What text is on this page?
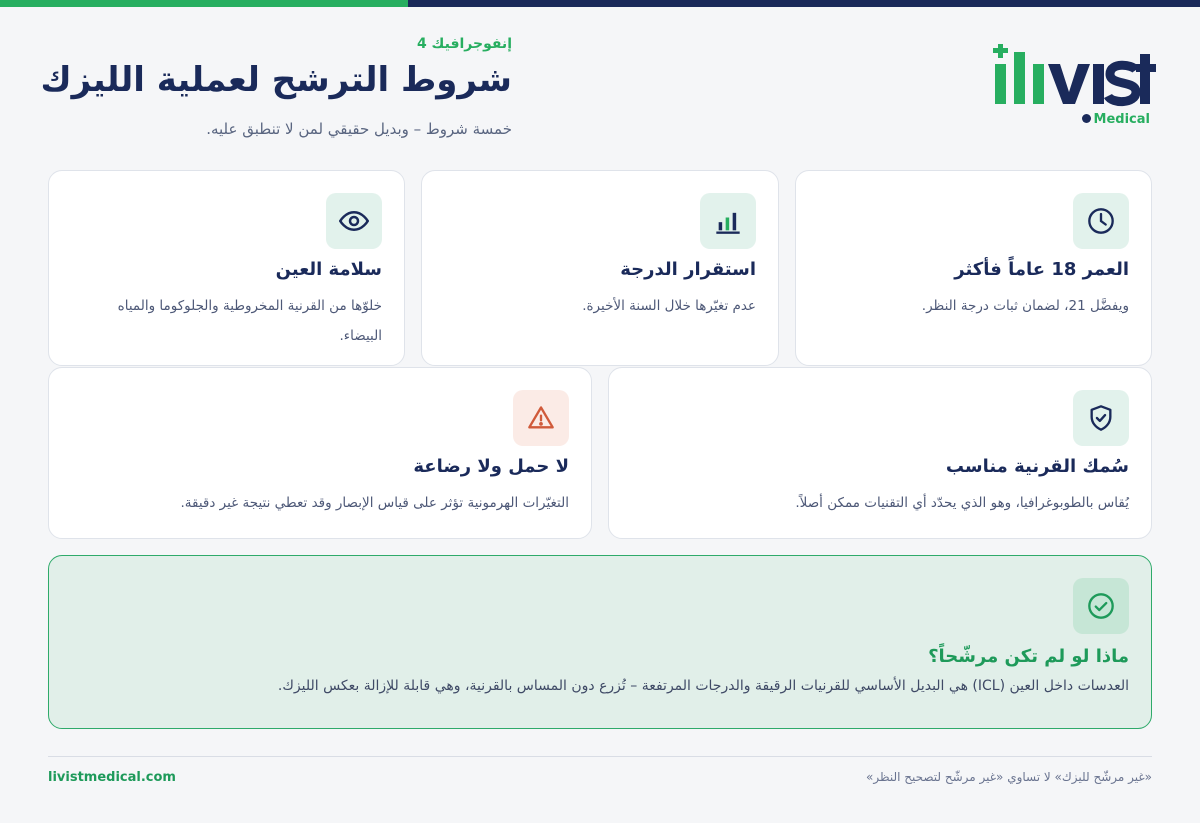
Medical
إنفوجرافيك 4
شروط الترشح لعملية الليزك
خمسة شروط – وبديل حقيقي لمن لا تنطبق عليه.
العمر 18 عاماً فأكثر

ويفضَّل 21، لضمان ثبات درجة النظر.

استقرار الدرجة

عدم تغيّرها خلال السنة الأخيرة.

سلامة العين

خلوّها من القرنية المخروطية والجلوكوما والمياه البيضاء.

سُمك القرنية مناسب

يُقاس بالطوبوغرافيا، وهو الذي يحدّد أي التقنيات ممكن أصلاً.

لا حمل ولا رضاعة

التغيّرات الهرمونية تؤثر على قياس الإبصار وقد تعطي نتيجة غير دقيقة.

ماذا لو لم تكن مرشّحاً؟

العدسات داخل العين (ICL) هي البديل الأساسي للقرنيات الرقيقة والدرجات المرتفعة – تُزرع دون المساس بالقرنية، وهي قابلة للإزالة بعكس الليزك.

livistmedical.com	«غير مرشّح لليزك» لا تساوي «غير مرشّح لتصحيح النظر»
